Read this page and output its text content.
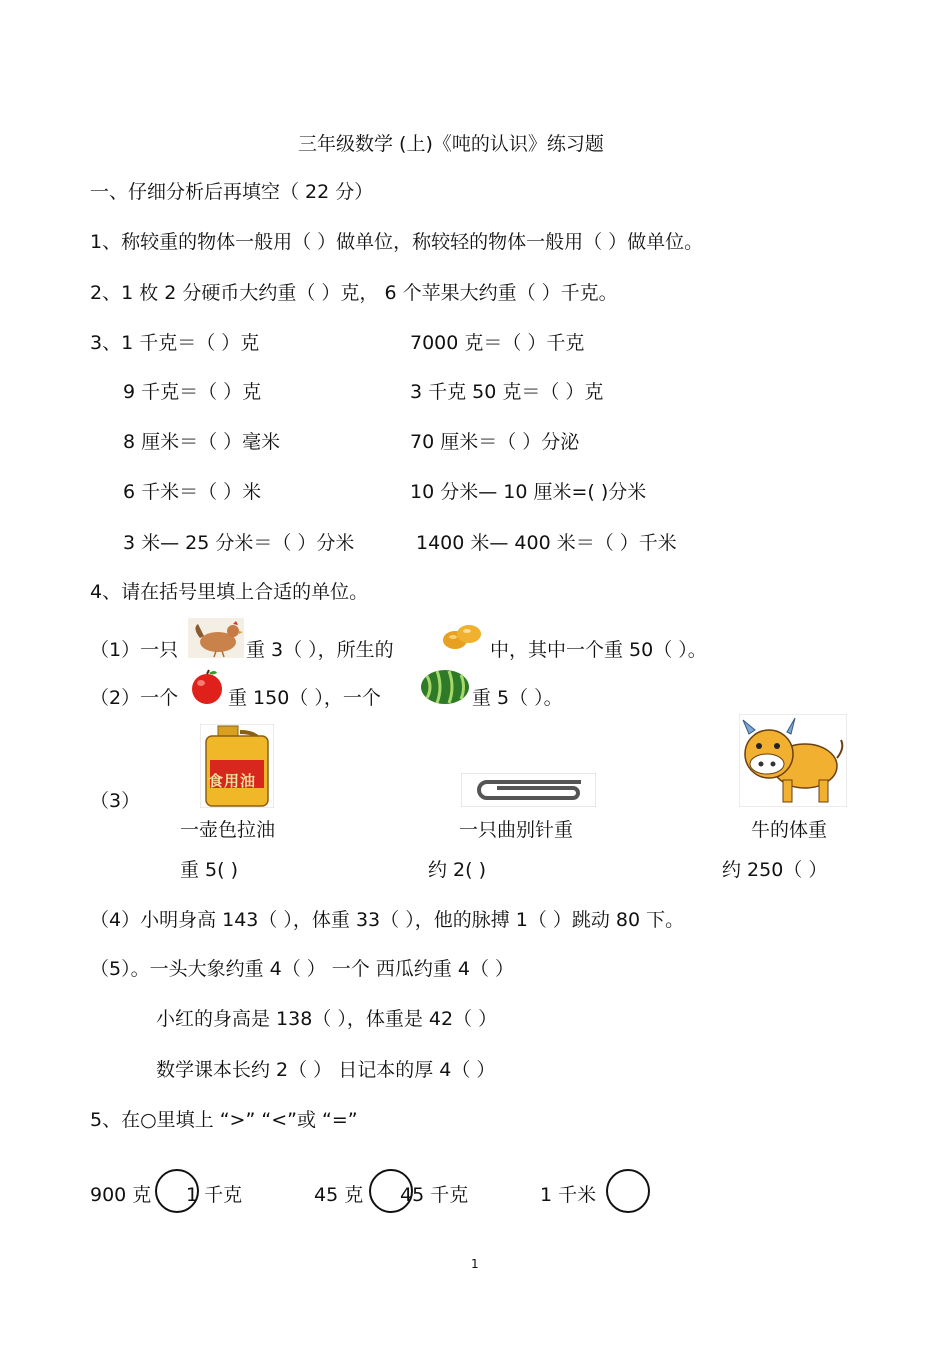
三年级数学 (上)《吨的认识》练习题
一、仔细分析后再填空（ 22 分）
1、称较重的物体一般用（ ）做单位，称较轻的物体一般用（ ）做单位。
2、1 枚 2 分硬币大约重（ ）克， 6 个苹果大约重（ ）千克。
3、1 千克＝（ ）克	7000 克＝（ ）千克
9 千克＝（ ）克	3 千克 50 克＝（ ）克
8 厘米＝（ ）毫米	70 厘米＝（ ）分泌
6 千米＝（ ）米	10 分米— 10 厘米=( )分米
3 米— 25 分米＝（ ）分米	1400 米— 400 米＝（ ）千米
4、请在括号里填上合适的单位。
（1）一只	重 3（ ），所生的	中，其中一个重 50（ ）。
（2）一个	重 150（ ），一个	重 5（ ）。
（3）
食用油
一壶色拉油
重 5( )
一只曲别针重
约 2( )
牛的体重
约 250（ ）
（4）小明身高 143（ ），体重 33（ ），他的脉搏 1（ ）跳动 80 下。
（5）。一头大象约重 4（ ） 一个 西瓜约重 4（ ）
小红的身高是 138（ ），体重是 42（ ）
数学课本长约 2（ ） 日记本的厚 4（ ）
5、在○里填上 “>” “<”或 “=”
900 克 1 千克	45 克 45 千克	1 千米
1
